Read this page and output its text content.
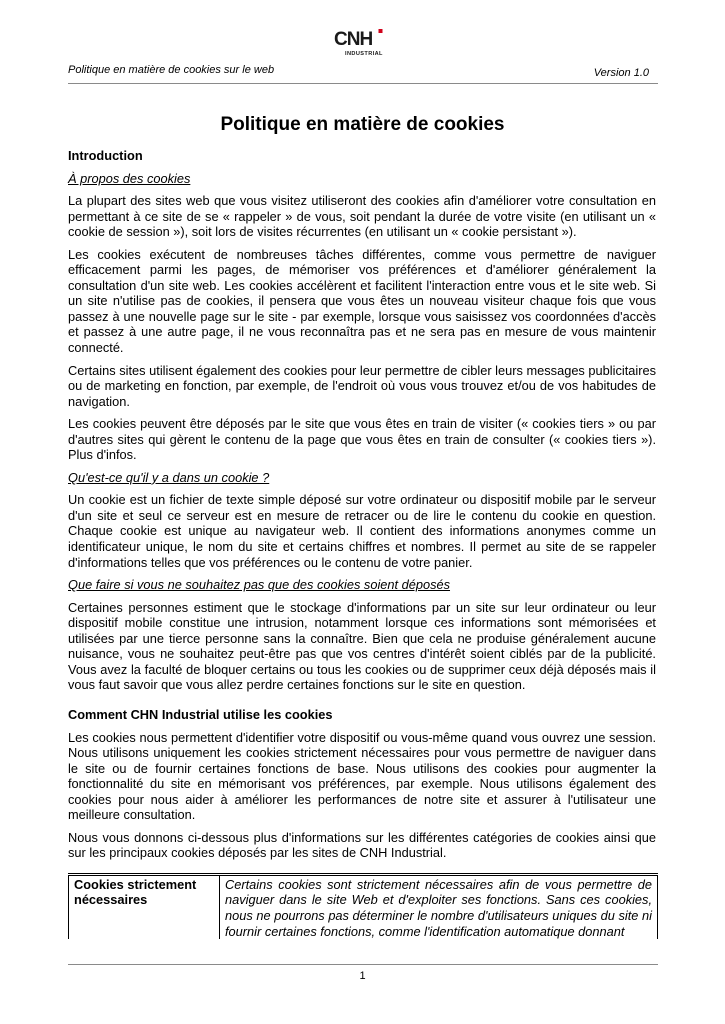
CNH
INDUSTRIAL
Politique en matière de cookies sur le web	Version 1.0
Politique en matière de cookies
Introduction
À propos des cookies

La plupart des sites web que vous visitez utiliseront des cookies afin d'améliorer votre consultation en permettant à ce site de se « rappeler » de vous, soit pendant la durée de votre visite (en utilisant un « cookie de session »), soit lors de visites récurrentes (en utilisant un « cookie persistant »).

Les cookies exécutent de nombreuses tâches différentes, comme vous permettre de naviguer efficacement parmi les pages, de mémoriser vos préférences et d'améliorer généralement la consultation d'un site web. Les cookies accélèrent et facilitent l'interaction entre vous et le site web. Si un site n'utilise pas de cookies, il pensera que vous êtes un nouveau visiteur chaque fois que vous passez à une nouvelle page sur le site - par exemple, lorsque vous saisissez vos coordonnées d'accès et passez à une autre page, il ne vous reconnaîtra pas et ne sera pas en mesure de vous maintenir connecté.

Certains sites utilisent également des cookies pour leur permettre de cibler leurs messages publicitaires ou de marketing en fonction, par exemple, de l'endroit où vous vous trouvez et/ou de vos habitudes de navigation.

Les cookies peuvent être déposés par le site que vous êtes en train de visiter (« cookies tiers » ou par d'autres sites qui gèrent le contenu de la page que vous êtes en train de consulter (« cookies tiers »). Plus d'infos.

Qu'est-ce qu'il y a dans un cookie ?

Un cookie est un fichier de texte simple déposé sur votre ordinateur ou dispositif mobile par le serveur d'un site et seul ce serveur est en mesure de retracer ou de lire le contenu du cookie en question. Chaque cookie est unique au navigateur web. Il contient des informations anonymes comme un identificateur unique, le nom du site et certains chiffres et nombres. Il permet au site de se rappeler d'informations telles que vos préférences ou le contenu de votre panier.

Que faire si vous ne souhaitez pas que des cookies soient déposés

Certaines personnes estiment que le stockage d'informations par un site sur leur ordinateur ou leur dispositif mobile constitue une intrusion, notamment lorsque ces informations sont mémorisées et utilisées par une tierce personne sans la connaître. Bien que cela ne produise généralement aucune nuisance, vous ne souhaitez peut-être pas que vos centres d'intérêt soient ciblés par de la publicité. Vous avez la faculté de bloquer certains ou tous les cookies ou de supprimer ceux déjà déposés mais il vous faut savoir que vous allez perdre certaines fonctions sur le site en question.

Comment CHN Industrial utilise les cookies

Les cookies nous permettent d'identifier votre dispositif ou vous-même quand vous ouvrez une session. Nous utilisons uniquement les cookies strictement nécessaires pour vous permettre de naviguer dans le site ou de fournir certaines fonctions de base. Nous utilisons des cookies pour augmenter la fonctionnalité du site en mémorisant vos préférences, par exemple. Nous utilisons également des cookies pour nous aider à améliorer les performances de notre site et assurer à l'utilisateur une meilleure consultation.

Nous vous donnons ci-dessous plus d'informations sur les différentes catégories de cookies ainsi que sur les principaux cookies déposés par les sites de CNH Industrial.

Cookies strictement nécessaires	Certains cookies sont strictement nécessaires afin de vous permettre de naviguer dans le site Web et d'exploiter ses fonctions. Sans ces cookies, nous ne pourrons pas déterminer le nombre d'utilisateurs uniques du site ni fournir certaines fonctions, comme l'identification automatique donnant
1
